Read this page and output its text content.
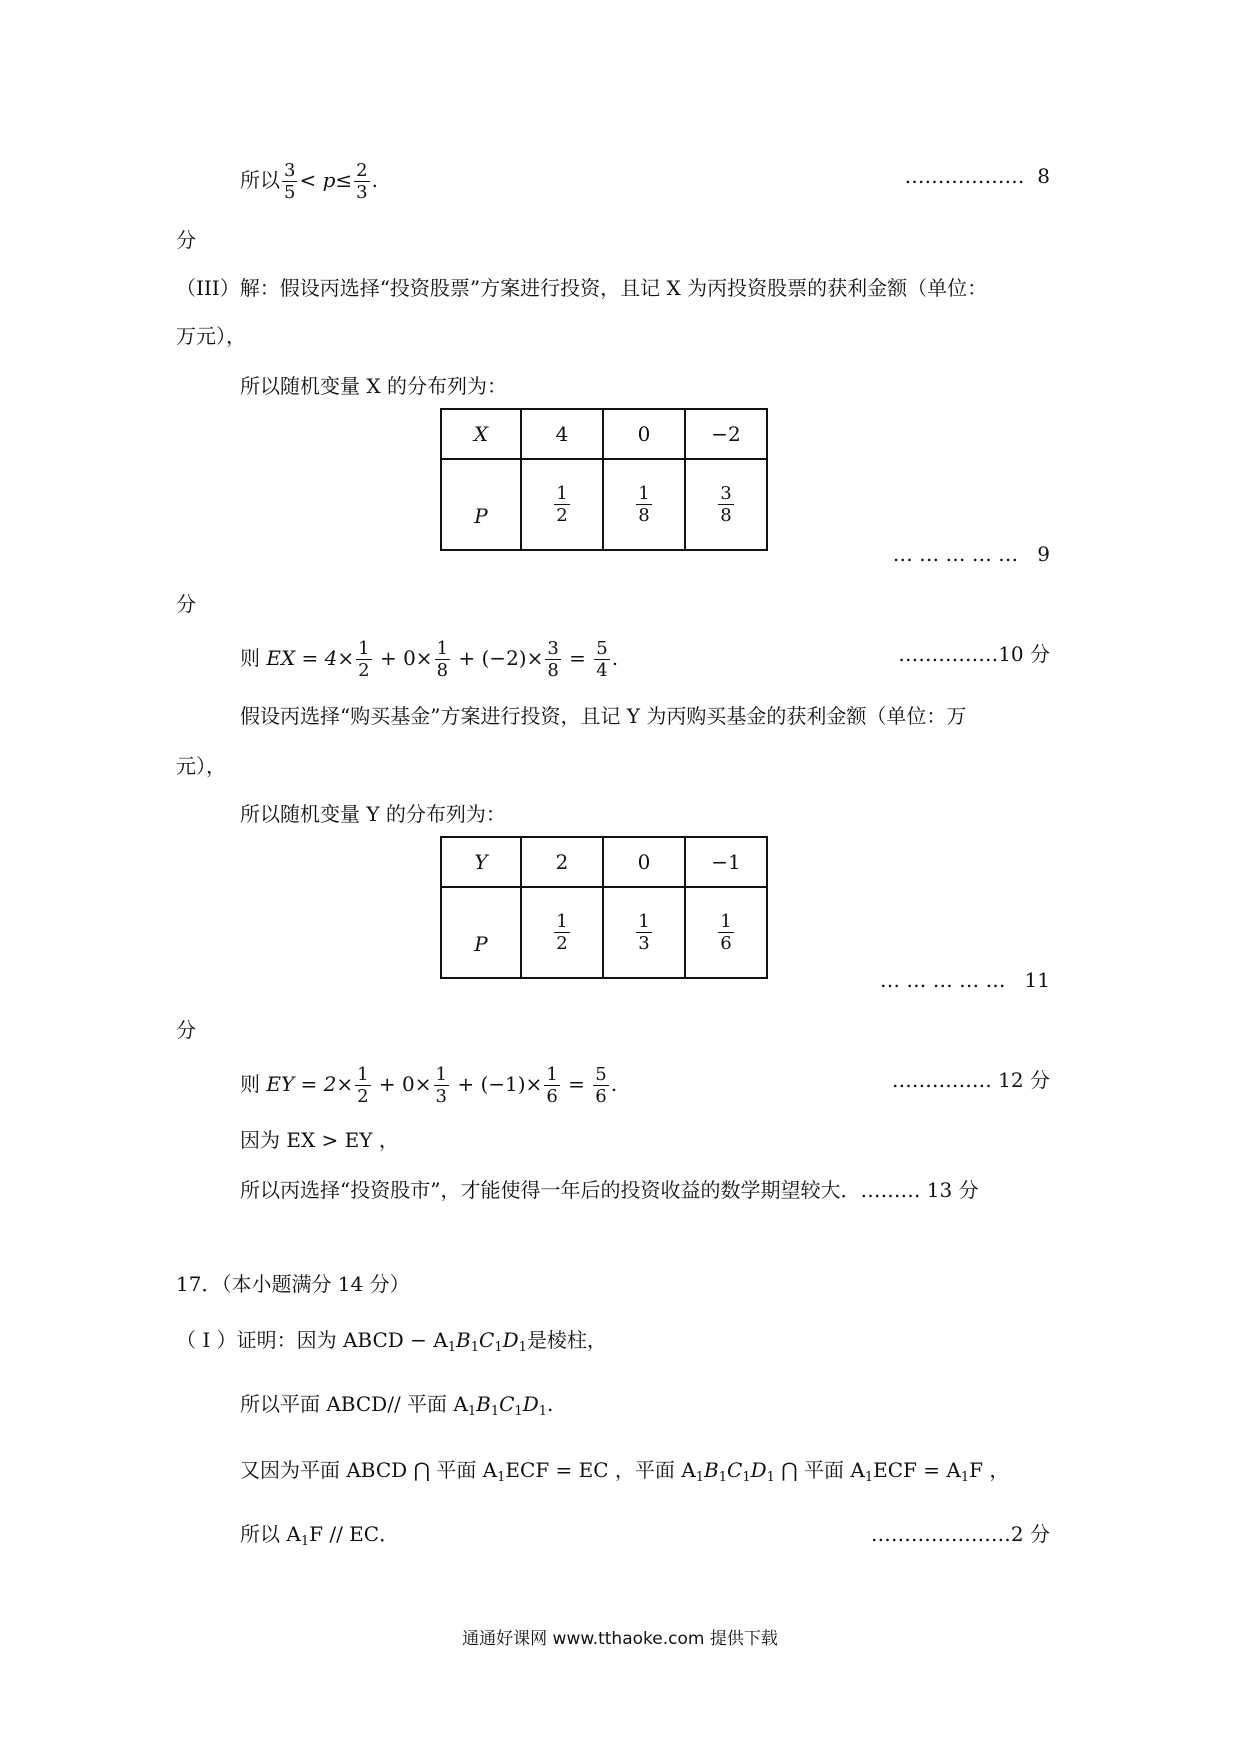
所以 $\frac{3}{5} < p\le \frac{2}{3}$ .	……………… 8
分
（III）解：假设丙选择“投资股票”方案进行投资，且记 X 为丙投资股票的获利金额（单位：
万元），
所以随机变量 X 的分布列为：
X	4	0	−2
P	$\frac{1}{2}$	$\frac{1}{8}$	$\frac{3}{8}$
… … … … … 9
分
则 EX = $4\times \frac{1}{2} + 0\times \frac{1}{8} + (-2)\times \frac{3}{8} = \frac{5}{4}$ .	……………10 分
假设丙选择“购买基金”方案进行投资，且记 Y 为丙购买基金的获利金额（单位：万
元），
所以随机变量 Y 的分布列为：
Y	2	0	−1
P	$\frac{1}{2}$	$\frac{1}{3}$	$\frac{1}{6}$
… … … … … 11
分
则 EY = $2\times \frac{1}{2} + 0\times \frac{1}{3} + (-1)\times \frac{1}{6} = \frac{5}{6}$ .	…………… 12 分
因为 EX > EY ，
所以丙选择“投资股市”，才能使得一年后的投资收益的数学期望较大．……… 13 分
17．（本小题满分 14 分）
（ I ）证明：因为 ABCD − $A_1B_1C_1D_1$是棱柱，
所以平面 ABCD// 平面 $A_1B_1C_1D_1$.
又因为平面 ABCD ⋂ 平面 $A_1ECF$ = EC ，平面 $A_1B_1C_1D_1$ ⋂ 平面 $A_1ECF = A_1F$ ，
所以 $A_1F$ // EC．	…………………2 分
通通好课网 www.tthaoke.com 提供下载
